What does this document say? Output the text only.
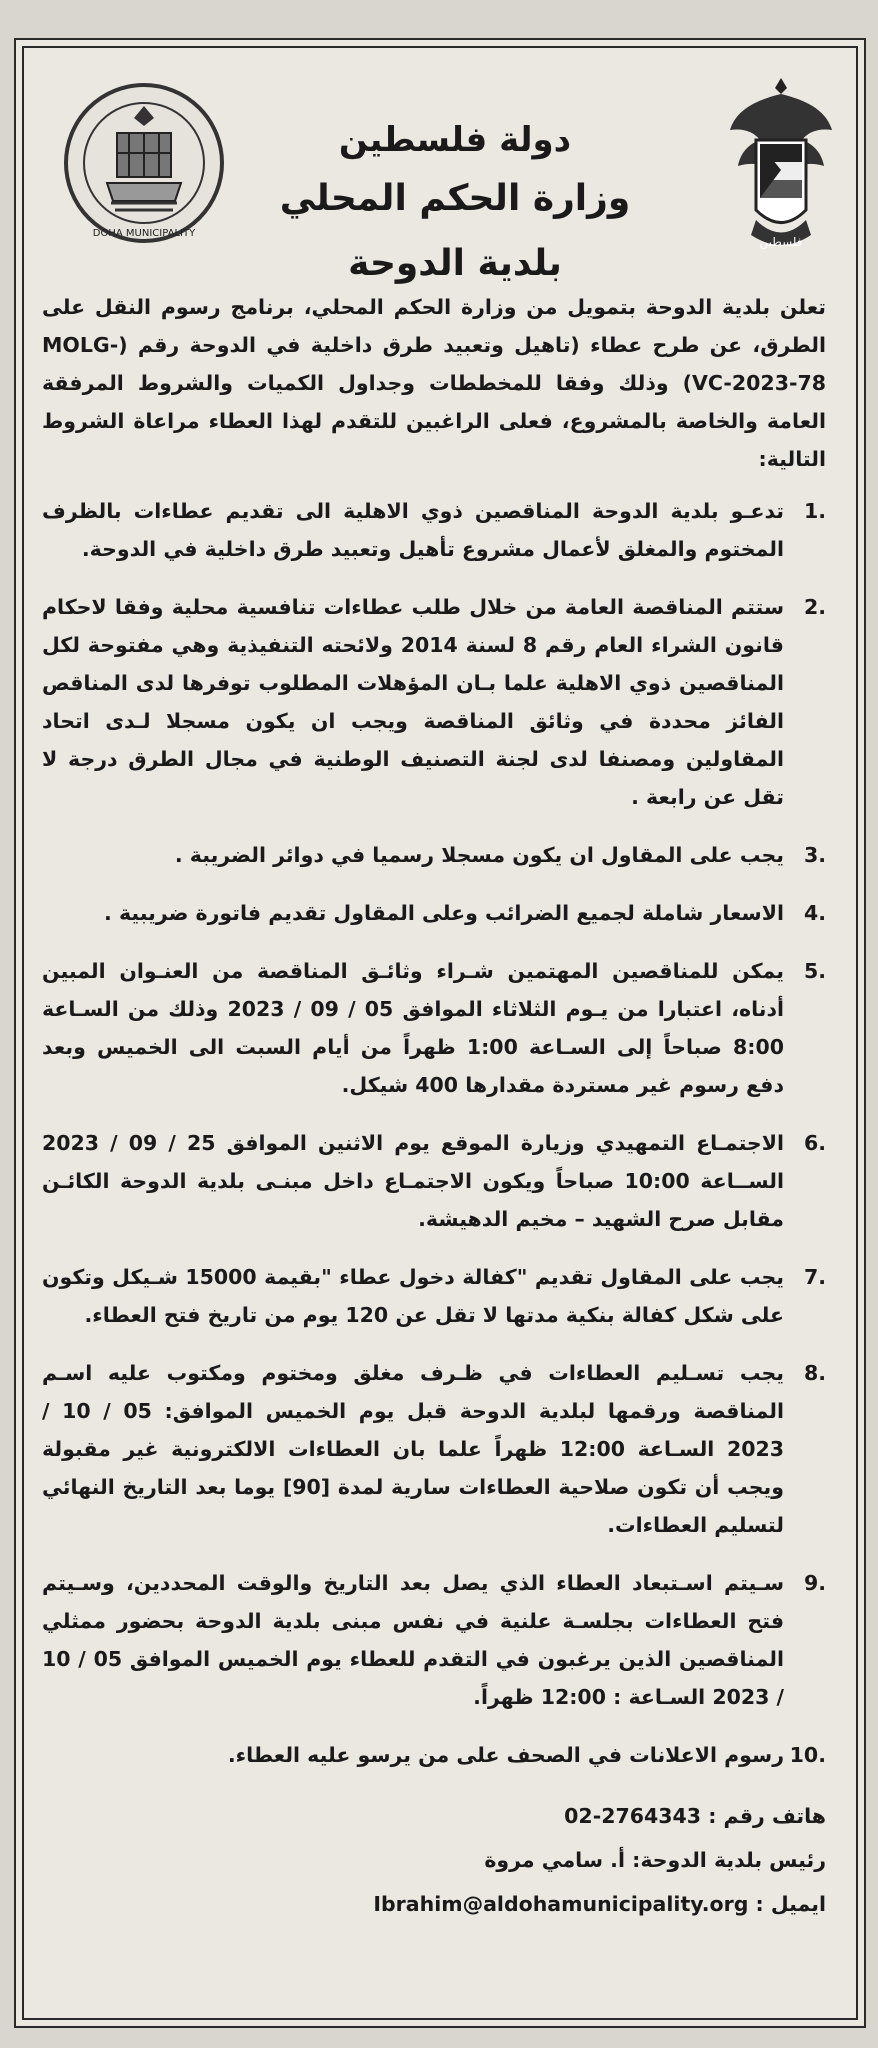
فلسطين
DOHA MUNICIPALITY
دولة فلسطين
وزارة الحكم المحلي
بلدية الدوحة

تعلن بلدية الدوحة بتمويل من وزارة الحكم المحلي، برنامج رسوم النقل على الطرق، عن طرح عطاء (تاهيل وتعبيد طرق داخلية في الدوحة رقم (MOLG-VC-2023-78) وذلك وفقا للمخططات وجداول الكميات والشروط المرفقة العامة والخاصة بالمشروع، فعلى الراغبين للتقدم لهذا العطاء مراعاة الشروط التالية:

.1
تدعـو بلدية الدوحة المناقصين ذوي الاهلية الى تقديم عطاءات بالظرف المختوم والمغلق لأعمال مشروع تأهيل وتعبيد طرق داخلية في الدوحة.
.2
ستتم المناقصة العامة من خلال طلب عطاءات تنافسية محلية وفقا لاحكام قانون الشراء العام رقم 8 لسنة 2014 ولائحته التنفيذية وهي مفتوحة لكل المناقصين ذوي الاهلية علما بـان المؤهلات المطلوب توفرها لدى المناقص الفائز محددة في وثائق المناقصة ويجب ان يكون مسجلا لـدى اتحاد المقاولين ومصنفا لدى لجنة التصنيف الوطنية في مجال الطرق درجة لا تقل عن رابعة .
.3
يجب على المقاول ان يكون مسجلا رسميا في دوائر الضريبة .
.4
الاسعار شاملة لجميع الضرائب وعلى المقاول تقديم فاتورة ضريبية .
.5
يمكن للمناقصين المهتمين شـراء وثائـق المناقصة من العنـوان المبين أدناه، اعتبارا من يـوم الثلاثاء الموافق 05 / 09 / 2023 وذلك من السـاعة 8:00 صباحاً إلى السـاعة 1:00 ظهراً من أيام السبت الى الخميس وبعد دفع رسوم غير مستردة مقدارها 400 شيكل.
.6
الاجتمـاع التمهيدي وزيارة الموقع يوم الاثنين الموافق 25 / 09 / 2023 الســاعة 10:00 صباحاً ويكون الاجتمـاع داخل مبنـى بلدية الدوحة الكائـن مقابل صرح الشهيد – مخيم الدهيشة.
.7
يجب على المقاول تقديم "كفالة دخول عطاء "بقيمة 15000 شـيكل وتكون على شكل كفالة بنكية مدتها لا تقل عن 120 يوم من تاريخ فتح العطاء.
.8
يجب تسـليم العطاءات في ظـرف مغلق ومختوم ومكتوب عليه اسـم المناقصة ورقمها لبلدية الدوحة قبل يوم الخميس الموافق: 05 / 10 / 2023 السـاعة 12:00 ظهراً علما بان العطاءات الالكترونية غير مقبولة ويجب أن تكون صلاحية العطاءات سارية لمدة [90] يوما بعد التاريخ النهائي لتسليم العطاءات.
.9
سـيتم اسـتبعاد العطاء الذي يصل بعد التاريخ والوقت المحددين، وسـيتم فتح العطاءات بجلسـة علنية في نفس مبنى بلدية الدوحة بحضور ممثلي المناقصين الذين يرغبون في التقدم للعطاء يوم الخميس الموافق 05 / 10 / 2023 السـاعة : 12:00 ظهراً.
.10
رسوم الاعلانات في الصحف على من يرسو عليه العطاء.
هاتف رقم : 02-2764343
رئيس بلدية الدوحة: أ. سامي مروة
ايميل : Ibrahim@aldohamunicipality.org
